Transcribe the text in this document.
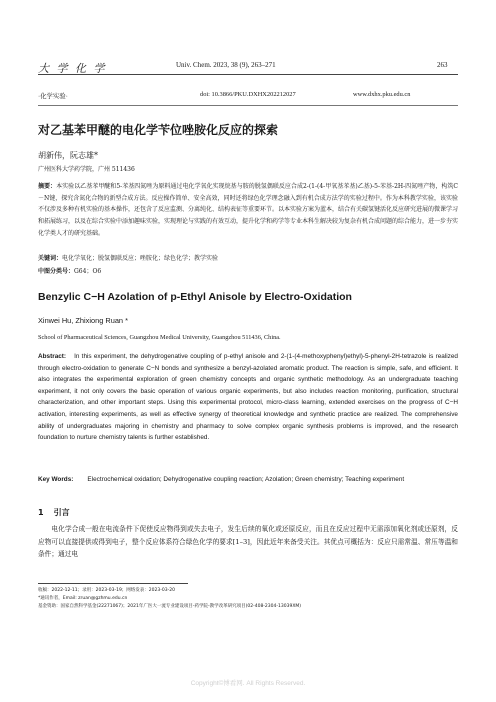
大 学 化 学	Univ. Chem. 2023, 38 (9), 263–271	263
·化学实验·	doi: 10.3866/PKU.DXHX202212027	www.dxhx.pku.edu.cn
对乙基苯甲醚的电化学苄位唑胺化反应的探索
胡新伟，阮志雄*
广州医科大学药学院，广州 511436
摘要：本实验以乙基苯甲醚和5-苯基四氮唑为原料通过电化学氧化实现烷基与胺的脱氢偶联反应合成2-(1-(4-甲氧基苯基)乙基)-5-苯基-2H-四氮唑产物，构筑C－N键，探究含氮化合物的新型合成方法。反应操作简单、安全高效，同时还将绿色化学理念融入到有机合成方法学的实验过程中。作为本科教学实验，该实验不仅涉及多种有机实验的基本操作，还包含了反应监测、分离纯化、结构表征等重要环节。以本实验方案为蓝本，结合有关碳氢键活化反应研究进展的微课学习和拓展练习，以及在综合实验中添加趣味实验，实现理论与实践的有效互动，提升化学和药学等专业本科生解决较为复杂有机合成问题的综合能力，进一步夯实化学类人才的研究基础。
关键词：电化学氧化；脱氢偶联反应；唑胺化；绿色化学；教学实验
中图分类号：G64；O6
Benzylic C−H Azolation of p-Ethyl Anisole by Electro-Oxidation
Xinwei Hu, Zhixiong Ruan *
School of Pharmaceutical Sciences, Guangzhou Medical University, Guangzhou 511436, China.
Abstract: In this experiment, the dehydrogenative coupling of p-ethyl anisole and 2-(1-(4-methoxyphenyl)ethyl)-5-phenyl-2H-tetrazole is realized through electro-oxidation to generate C−N bonds and synthesize a benzyl-azolated aromatic product. The reaction is simple, safe, and efficient. It also integrates the experimental exploration of green chemistry concepts and organic synthetic methodology. As an undergraduate teaching experiment, it not only covers the basic operation of various organic experiments, but also includes reaction monitoring, purification, structural characterization, and other important steps. Using this experimental protocol, micro-class learning, extended exercises on the progress of C−H activation, interesting experiments, as well as effective synergy of theoretical knowledge and synthetic practice are realized. The comprehensive ability of undergraduates majoring in chemistry and pharmacy to solve complex organic synthesis problems is improved, and the research foundation to nurture chemistry talents is further established.
Key Words: Electrochemical oxidation; Dehydrogenative coupling reaction; Azolation; Green chemistry; Teaching experiment
1 引言
电化学合成一般在电流条件下促使反应物得到或失去电子，发生后续的氧化或还原反应，而且在反应过程中无需添加氧化剂或还原剂，反应物可以直接提供或得到电子，整个反应体系符合绿色化学的要求[1–3]，因此近年来备受关注。其优点可概括为：反应只需常温、常压等温和条件；通过电
收稿：2022-12-11；录用：2023-03-19；网络发表：2023-03-20
*通讯作者，Email: zruan@gzhmu.edu.cn
基金资助：国家自然科学基金(22271067)；2021年广医大一流专业建设项目-药学院-教学改革研究项目(02-408-2304-13039XM)
Copyright©博看网. All Rights Reserved.
